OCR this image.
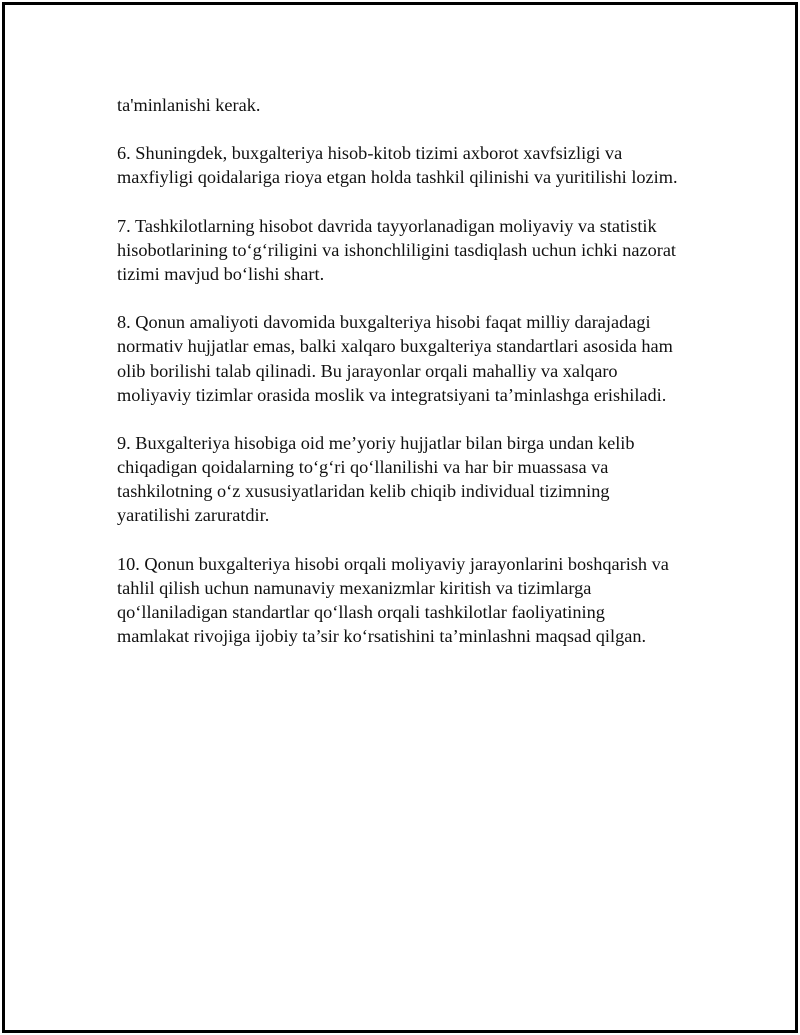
ta'minlanishi kerak.
6. Shuningdek, buxgalteriya hisob-kitob tizimi axborot xavfsizligi va
maxfiyligi qoidalariga rioya etgan holda tashkil qilinishi va yuritilishi lozim.
7. Tashkilotlarning hisobot davrida tayyorlanadigan moliyaviy va statistik
hisobotlarining to‘g‘riligini va ishonchliligini tasdiqlash uchun ichki nazorat
tizimi mavjud bo‘lishi shart.
8. Qonun amaliyoti davomida buxgalteriya hisobi faqat milliy darajadagi
normativ hujjatlar emas, balki xalqaro buxgalteriya standartlari asosida ham
olib borilishi talab qilinadi. Bu jarayonlar orqali mahalliy va xalqaro
moliyaviy tizimlar orasida moslik va integratsiyani ta’minlashga erishiladi.
9. Buxgalteriya hisobiga oid me’yoriy hujjatlar bilan birga undan kelib
chiqadigan qoidalarning to‘g‘ri qo‘llanilishi va har bir muassasa va
tashkilotning o‘z xususiyatlaridan kelib chiqib individual tizimning
yaratilishi zaruratdir.
10. Qonun buxgalteriya hisobi orqali moliyaviy jarayonlarini boshqarish va
tahlil qilish uchun namunaviy mexanizmlar kiritish va tizimlarga
qo‘llaniladigan standartlar qo‘llash orqali tashkilotlar faoliyatining
mamlakat rivojiga ijobiy ta’sir ko‘rsatishini ta’minlashni maqsad qilgan.
